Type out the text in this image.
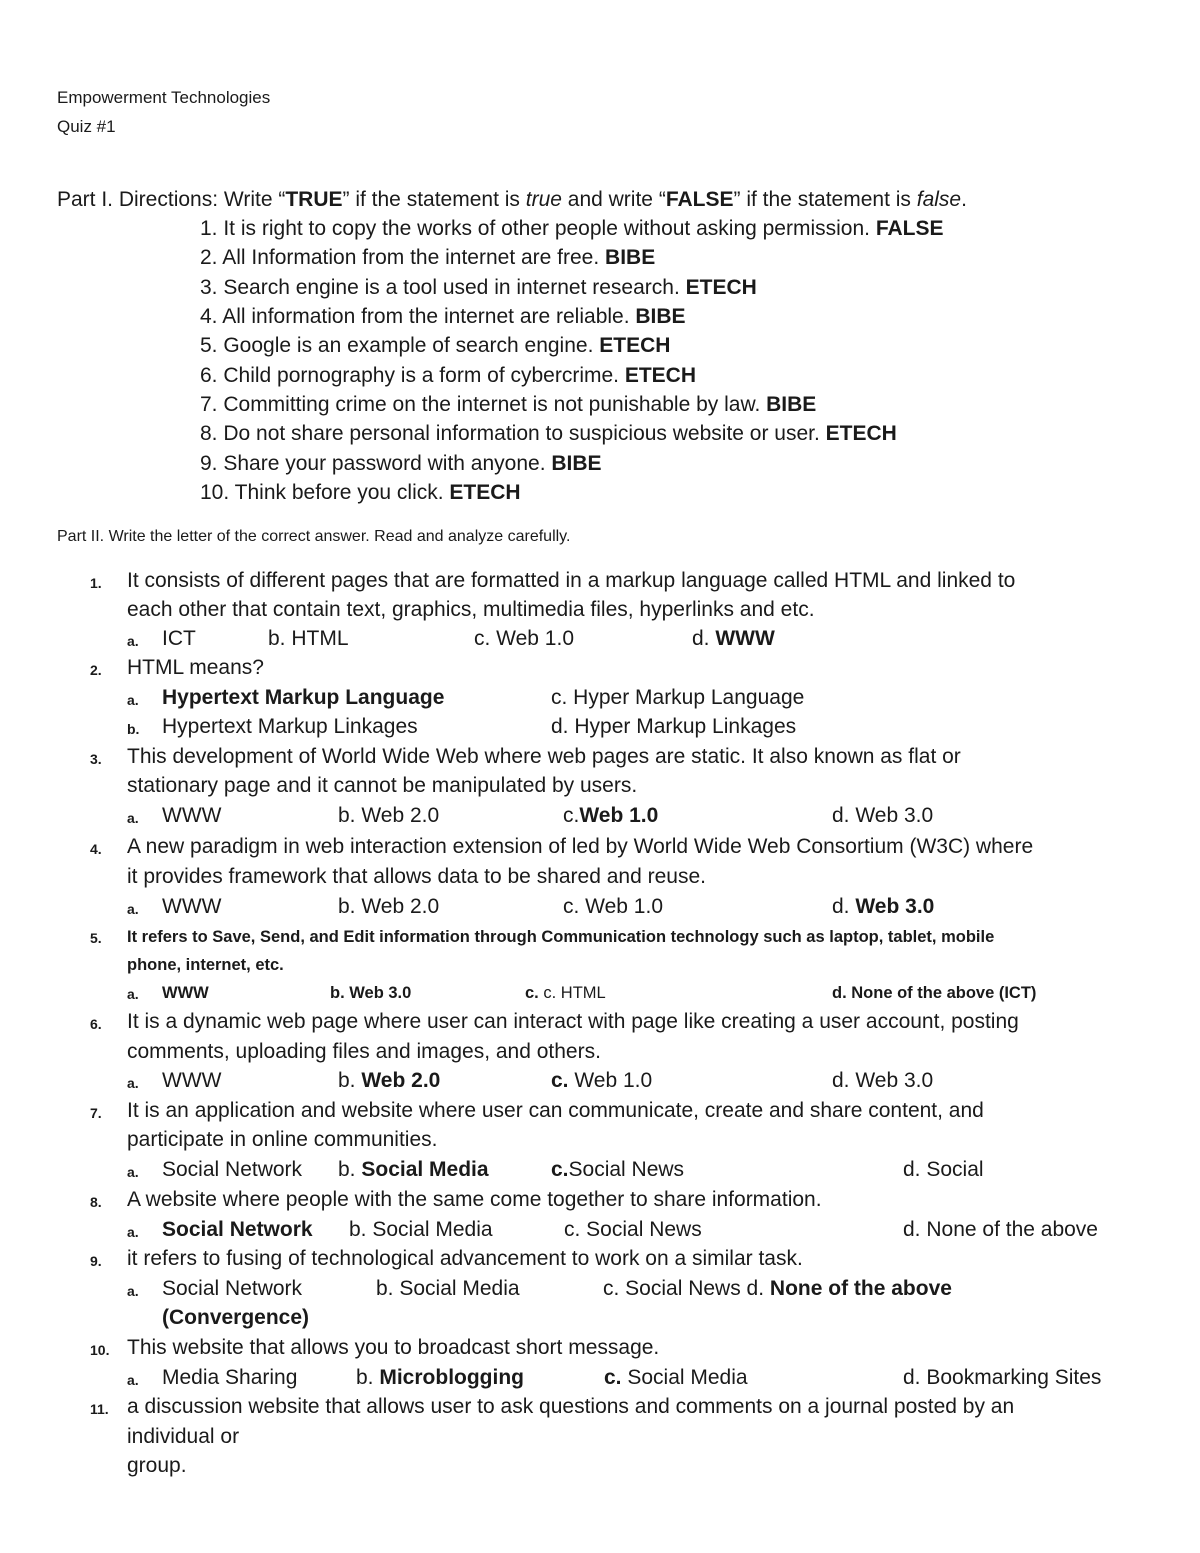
Empowerment Technologies
Quiz #1
Part I. Directions: Write “TRUE” if the statement is true and write “FALSE” if the statement is false.
1. It is right to copy the works of other people without asking permission. FALSE
2. All Information from the internet are free. BIBE
3. Search engine is a tool used in internet research. ETECH
4. All information from the internet are reliable. BIBE
5. Google is an example of search engine. ETECH
6. Child pornography is a form of cybercrime. ETECH
7. Committing crime on the internet is not punishable by law. BIBE
8. Do not share personal information to suspicious website or user. ETECH
9. Share your password with anyone. BIBE
10. Think before you click. ETECH
Part II. Write the letter of the correct answer. Read and analyze carefully.
1. It consists of different pages that are formatted in a markup language called HTML and linked to
each other that contain text, graphics, multimedia files, hyperlinks and etc.
a. ICT	b. HTML	c. Web 1.0	d. WWW
2. HTML means?
a. Hypertext Markup Language	c. Hyper Markup Language
b. Hypertext Markup Linkages	d. Hyper Markup Linkages
3. This development of World Wide Web where web pages are static. It also known as flat or
stationary page and it cannot be manipulated by users.
a. WWW	b. Web 2.0	c.Web 1.0	d. Web 3.0
4. A new paradigm in web interaction extension of led by World Wide Web Consortium (W3C) where
it provides framework that allows data to be shared and reuse.
a. WWW	b. Web 2.0	c. Web 1.0	d. Web 3.0
5. It refers to Save, Send, and Edit information through Communication technology such as laptop, tablet, mobile
phone, internet, etc.
a. WWW	b. Web 3.0	c. c. HTML	d. None of the above (ICT)
6. It is a dynamic web page where user can interact with page like creating a user account, posting
comments, uploading files and images, and others.
a. WWW	b. Web 2.0	c. Web 1.0	d. Web 3.0
7. It is an application and website where user can communicate, create and share content, and
participate in online communities.
a. Social Network b. Social Media	c.Social News	d. Social
8. A website where people with the same come together to share information.
a. Social Network b. Social Media	c. Social News	d. None of the above
9. it refers to fusing of technological advancement to work on a similar task.
a. Social Network	b. Social Media	c. Social News d. None of the above
(Convergence)
10. This website that allows you to broadcast short message.
a. Media Sharing	b. Microblogging	c. Social Media	d. Bookmarking Sites
11. a discussion website that allows user to ask questions and comments on a journal posted by an
individual or
group.
